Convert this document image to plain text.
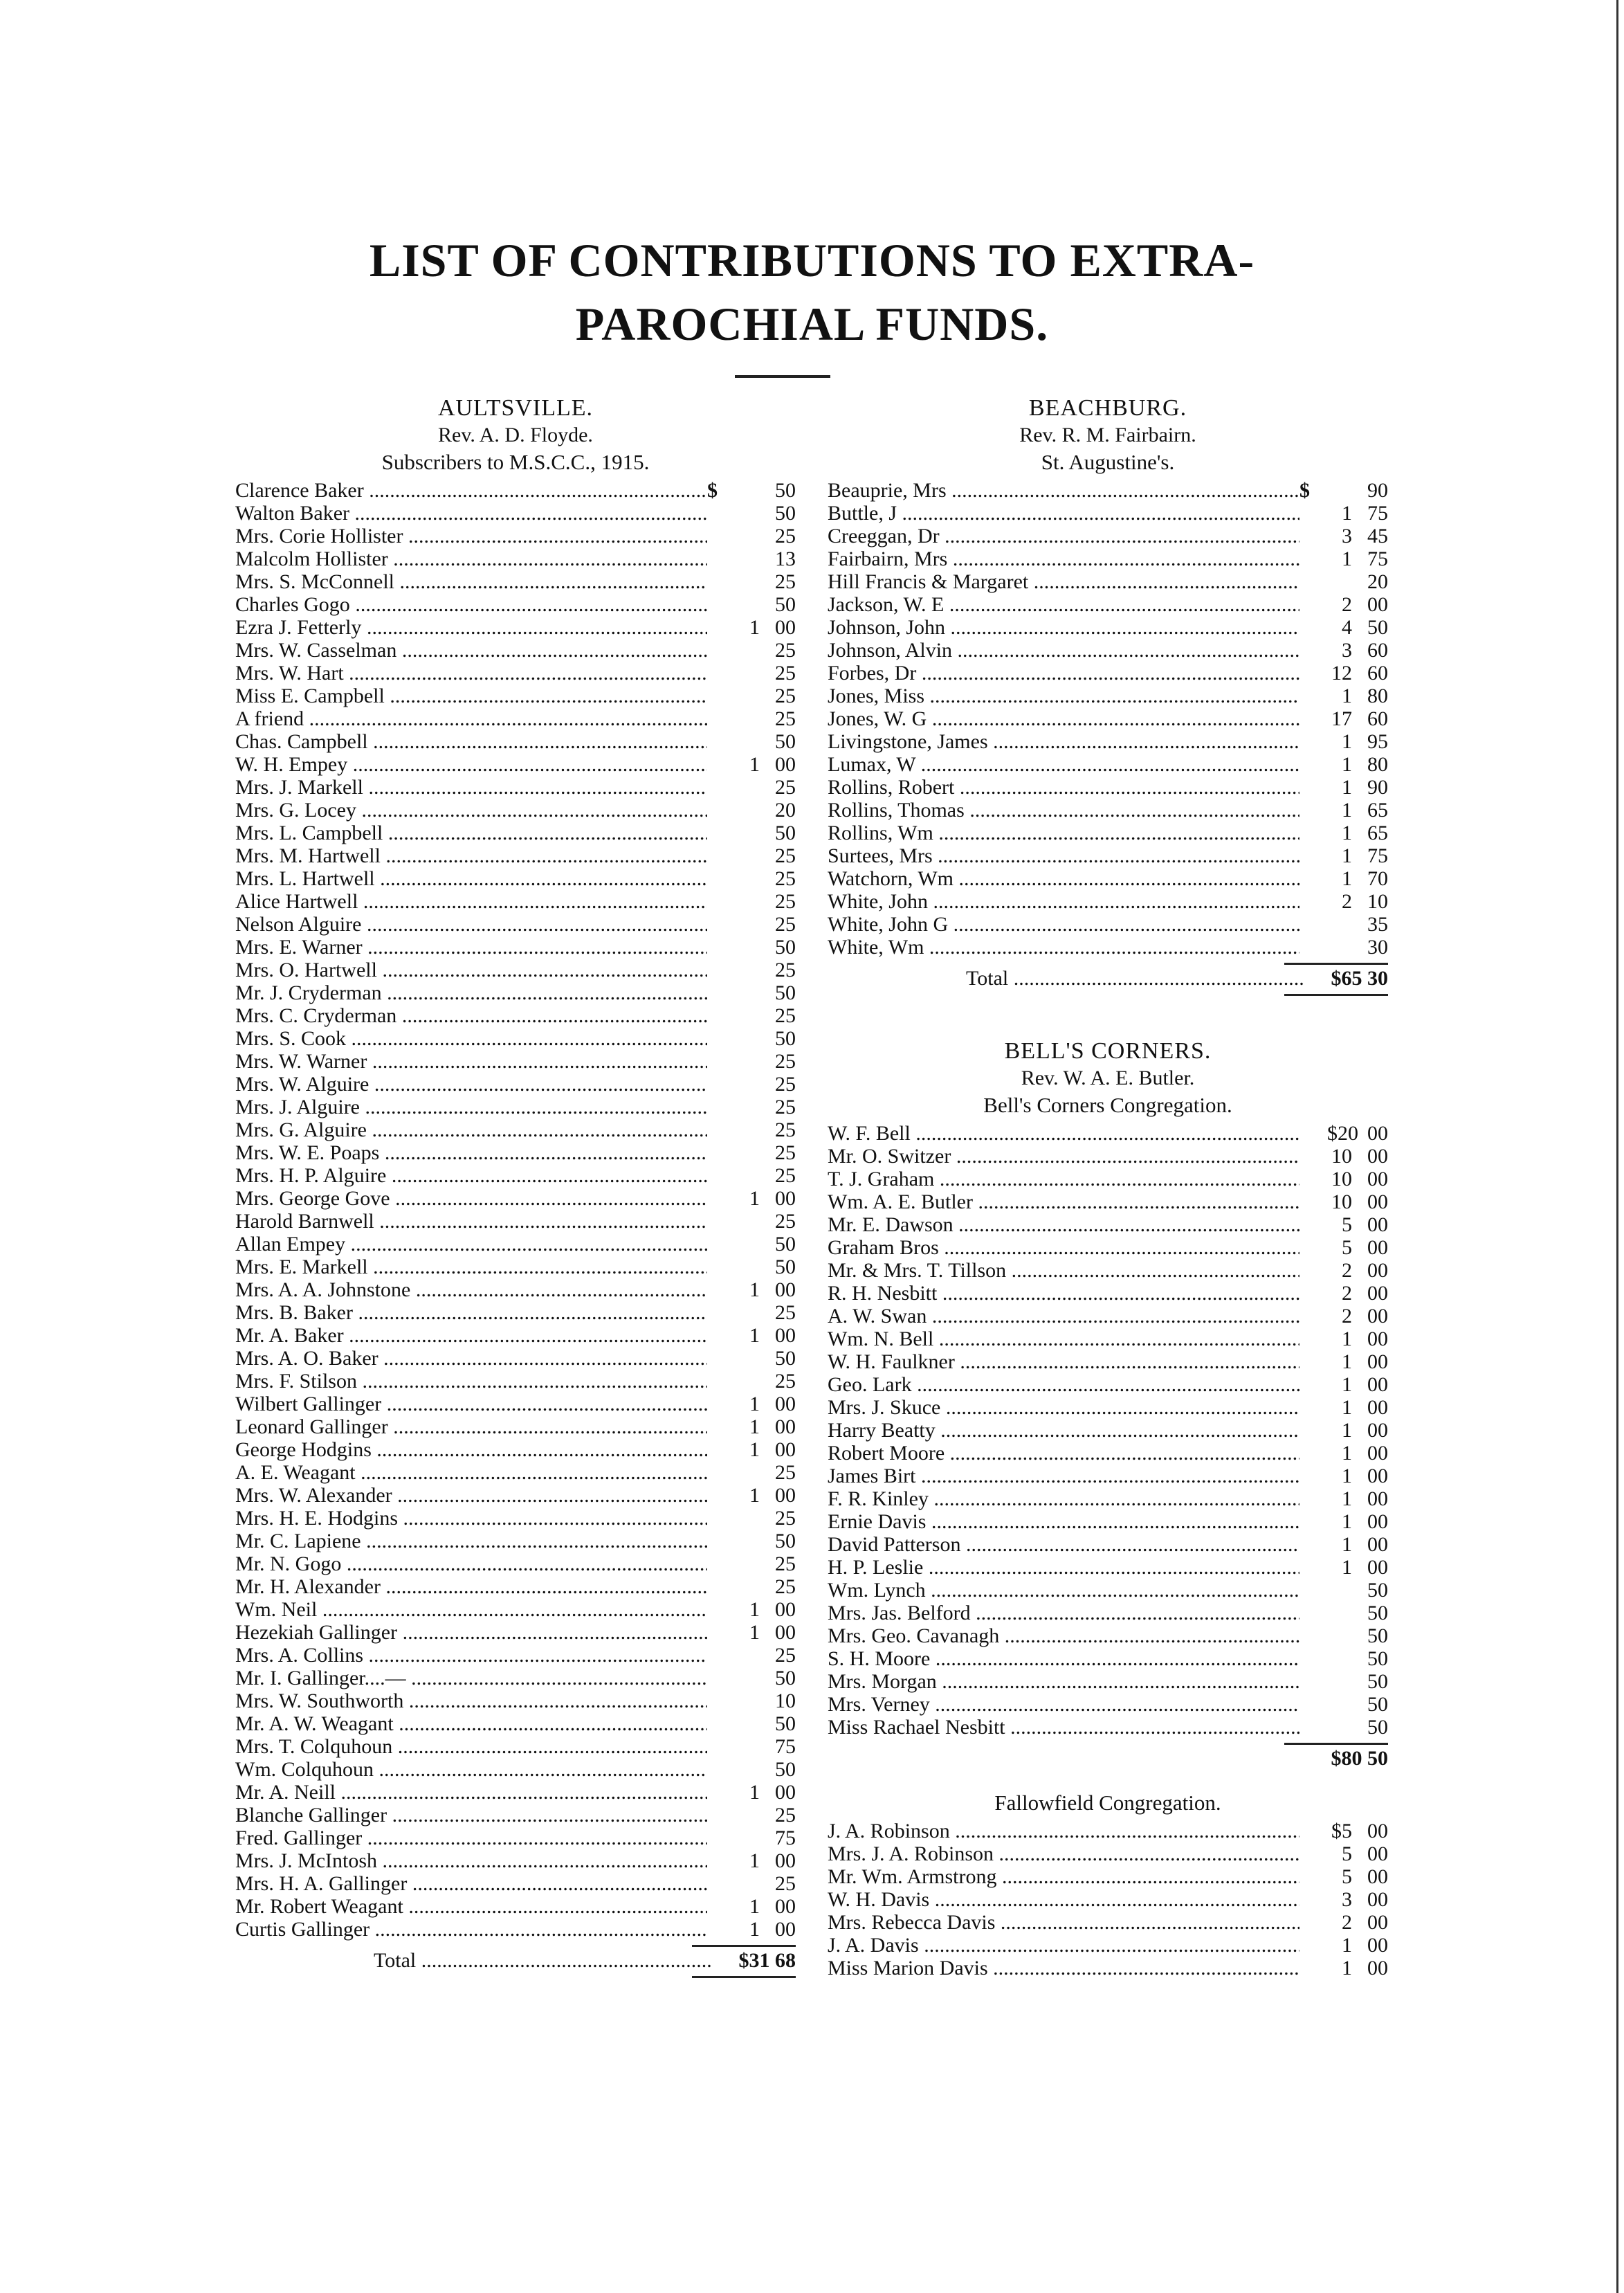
LIST OF CONTRIBUTIONS TO EXTRA-
PAROCHIAL FUNDS.
AULTSVILLE.
Rev. A. D. Floyde.
Subscribers to M.S.C.C., 1915.
Clarence Baker .....	$	50
Walton Baker .....	50
Mrs. Corie Hollister .....	25
Malcolm Hollister .....	13
Mrs. S. McConnell .....	25
Charles Gogo .....	50
Ezra J. Fetterly .....	1 00
Mrs. W. Casselman .....	25
Mrs. W. Hart .....	25
Miss E. Campbell .....	25
A friend .....	25
Chas. Campbell .....	50
W. H. Empey .....	1 00
Mrs. J. Markell .....	25
Mrs. G. Locey .....	20
Mrs. L. Campbell .....	50
Mrs. M. Hartwell .....	25
Mrs. L. Hartwell .....	25
Alice Hartwell .....	25
Nelson Alguire .....	25
Mrs. E. Warner .....	50
Mrs. O. Hartwell .....	25
Mr. J. Cryderman .....	50
Mrs. C. Cryderman .....	25
Mrs. S. Cook .....	50
Mrs. W. Warner .....	25
Mrs. W. Alguire .....	25
Mrs. J. Alguire .....	25
Mrs. G. Alguire .....	25
Mrs. W. E. Poaps .....	25
Mrs. H. P. Alguire .....	25
Mrs. George Gove .....	1 00
Harold Barnwell .....	25
Allan Empey .....	50
Mrs. E. Markell .....	50
Mrs. A. A. Johnstone .....	1 00
Mrs. B. Baker .....	25
Mr. A. Baker .....	1 00
Mrs. A. O. Baker .....	50
Mrs. F. Stilson .....	25
Wilbert Gallinger .....	1 00
Leonard Gallinger .....	1 00
George Hodgins .....	1 00
A. E. Weagant .....	25
Mrs. W. Alexander .....	1 00
Mrs. H. E. Hodgins .....	25
Mr. C. Lapiene .....	50
Mr. N. Gogo .....	25
Mr. H. Alexander .....	25
Wm. Neil .....	1 00
Hezekiah Gallinger .....	1 00
Mrs. A. Collins .....	25
Mr. I. Gallinger....— .....	50
Mrs. W. Southworth .....	10
Mr. A. W. Weagant .....	50
Mrs. T. Colquhoun .....	75
Wm. Colquhoun .....	50
Mr. A. Neill .....	1 00
Blanche Gallinger .....	25
Fred. Gallinger .....	75
Mrs. J. McIntosh .....	1 00
Mrs. H. A. Gallinger .....	25
Mr. Robert Weagant .....	1 00
Curtis Gallinger .....	1 00
Total .....	$31 68
BEACHBURG.
Rev. R. M. Fairbairn.
St. Augustine's.
Beauprie, Mrs .....	$	90
Buttle, J .....	1 75
Creeggan, Dr .....	3 45
Fairbairn, Mrs .....	1 75
Hill Francis & Margaret .....	20
Jackson, W. E .....	2 00
Johnson, John .....	4 50
Johnson, Alvin .....	3 60
Forbes, Dr .....	12 60
Jones, Miss .....	1 80
Jones, W. G .....	17 60
Livingstone, James .....	1 95
Lumax, W .....	1 80
Rollins, Robert .....	1 90
Rollins, Thomas .....	1 65
Rollins, Wm .....	1 65
Surtees, Mrs .....	1 75
Watchorn, Wm .....	1 70
White, John .....	2 10
White, John G .....	35
White, Wm .....	30
Total .....	$65 30
BELL'S CORNERS.
Rev. W. A. E. Butler.
Bell's Corners Congregation.
W. F. Bell .....	$20 00
Mr. O. Switzer .....	10 00
T. J. Graham .....	10 00
Wm. A. E. Butler .....	10 00
Mr. E. Dawson .....	5 00
Graham Bros .....	5 00
Mr. & Mrs. T. Tillson .....	2 00
R. H. Nesbitt .....	2 00
A. W. Swan .....	2 00
Wm. N. Bell .....	1 00
W. H. Faulkner .....	1 00
Geo. Lark .....	1 00
Mrs. J. Skuce .....	1 00
Harry Beatty .....	1 00
Robert Moore .....	1 00
James Birt .....	1 00
F. R. Kinley .....	1 00
Ernie Davis .....	1 00
David Patterson .....	1 00
H. P. Leslie .....	1 00
Wm. Lynch .....	50
Mrs. Jas. Belford .....	50
Mrs. Geo. Cavanagh .....	50
S. H. Moore .....	50
Mrs. Morgan .....	50
Mrs. Verney .....	50
Miss Rachael Nesbitt .....	50
$80 50
Fallowfield Congregation.
J. A. Robinson .....	$5 00
Mrs. J. A. Robinson .....	5 00
Mr. Wm. Armstrong .....	5 00
W. H. Davis .....	3 00
Mrs. Rebecca Davis .....	2 00
J. A. Davis .....	1 00
Miss Marion Davis .....	1 00
